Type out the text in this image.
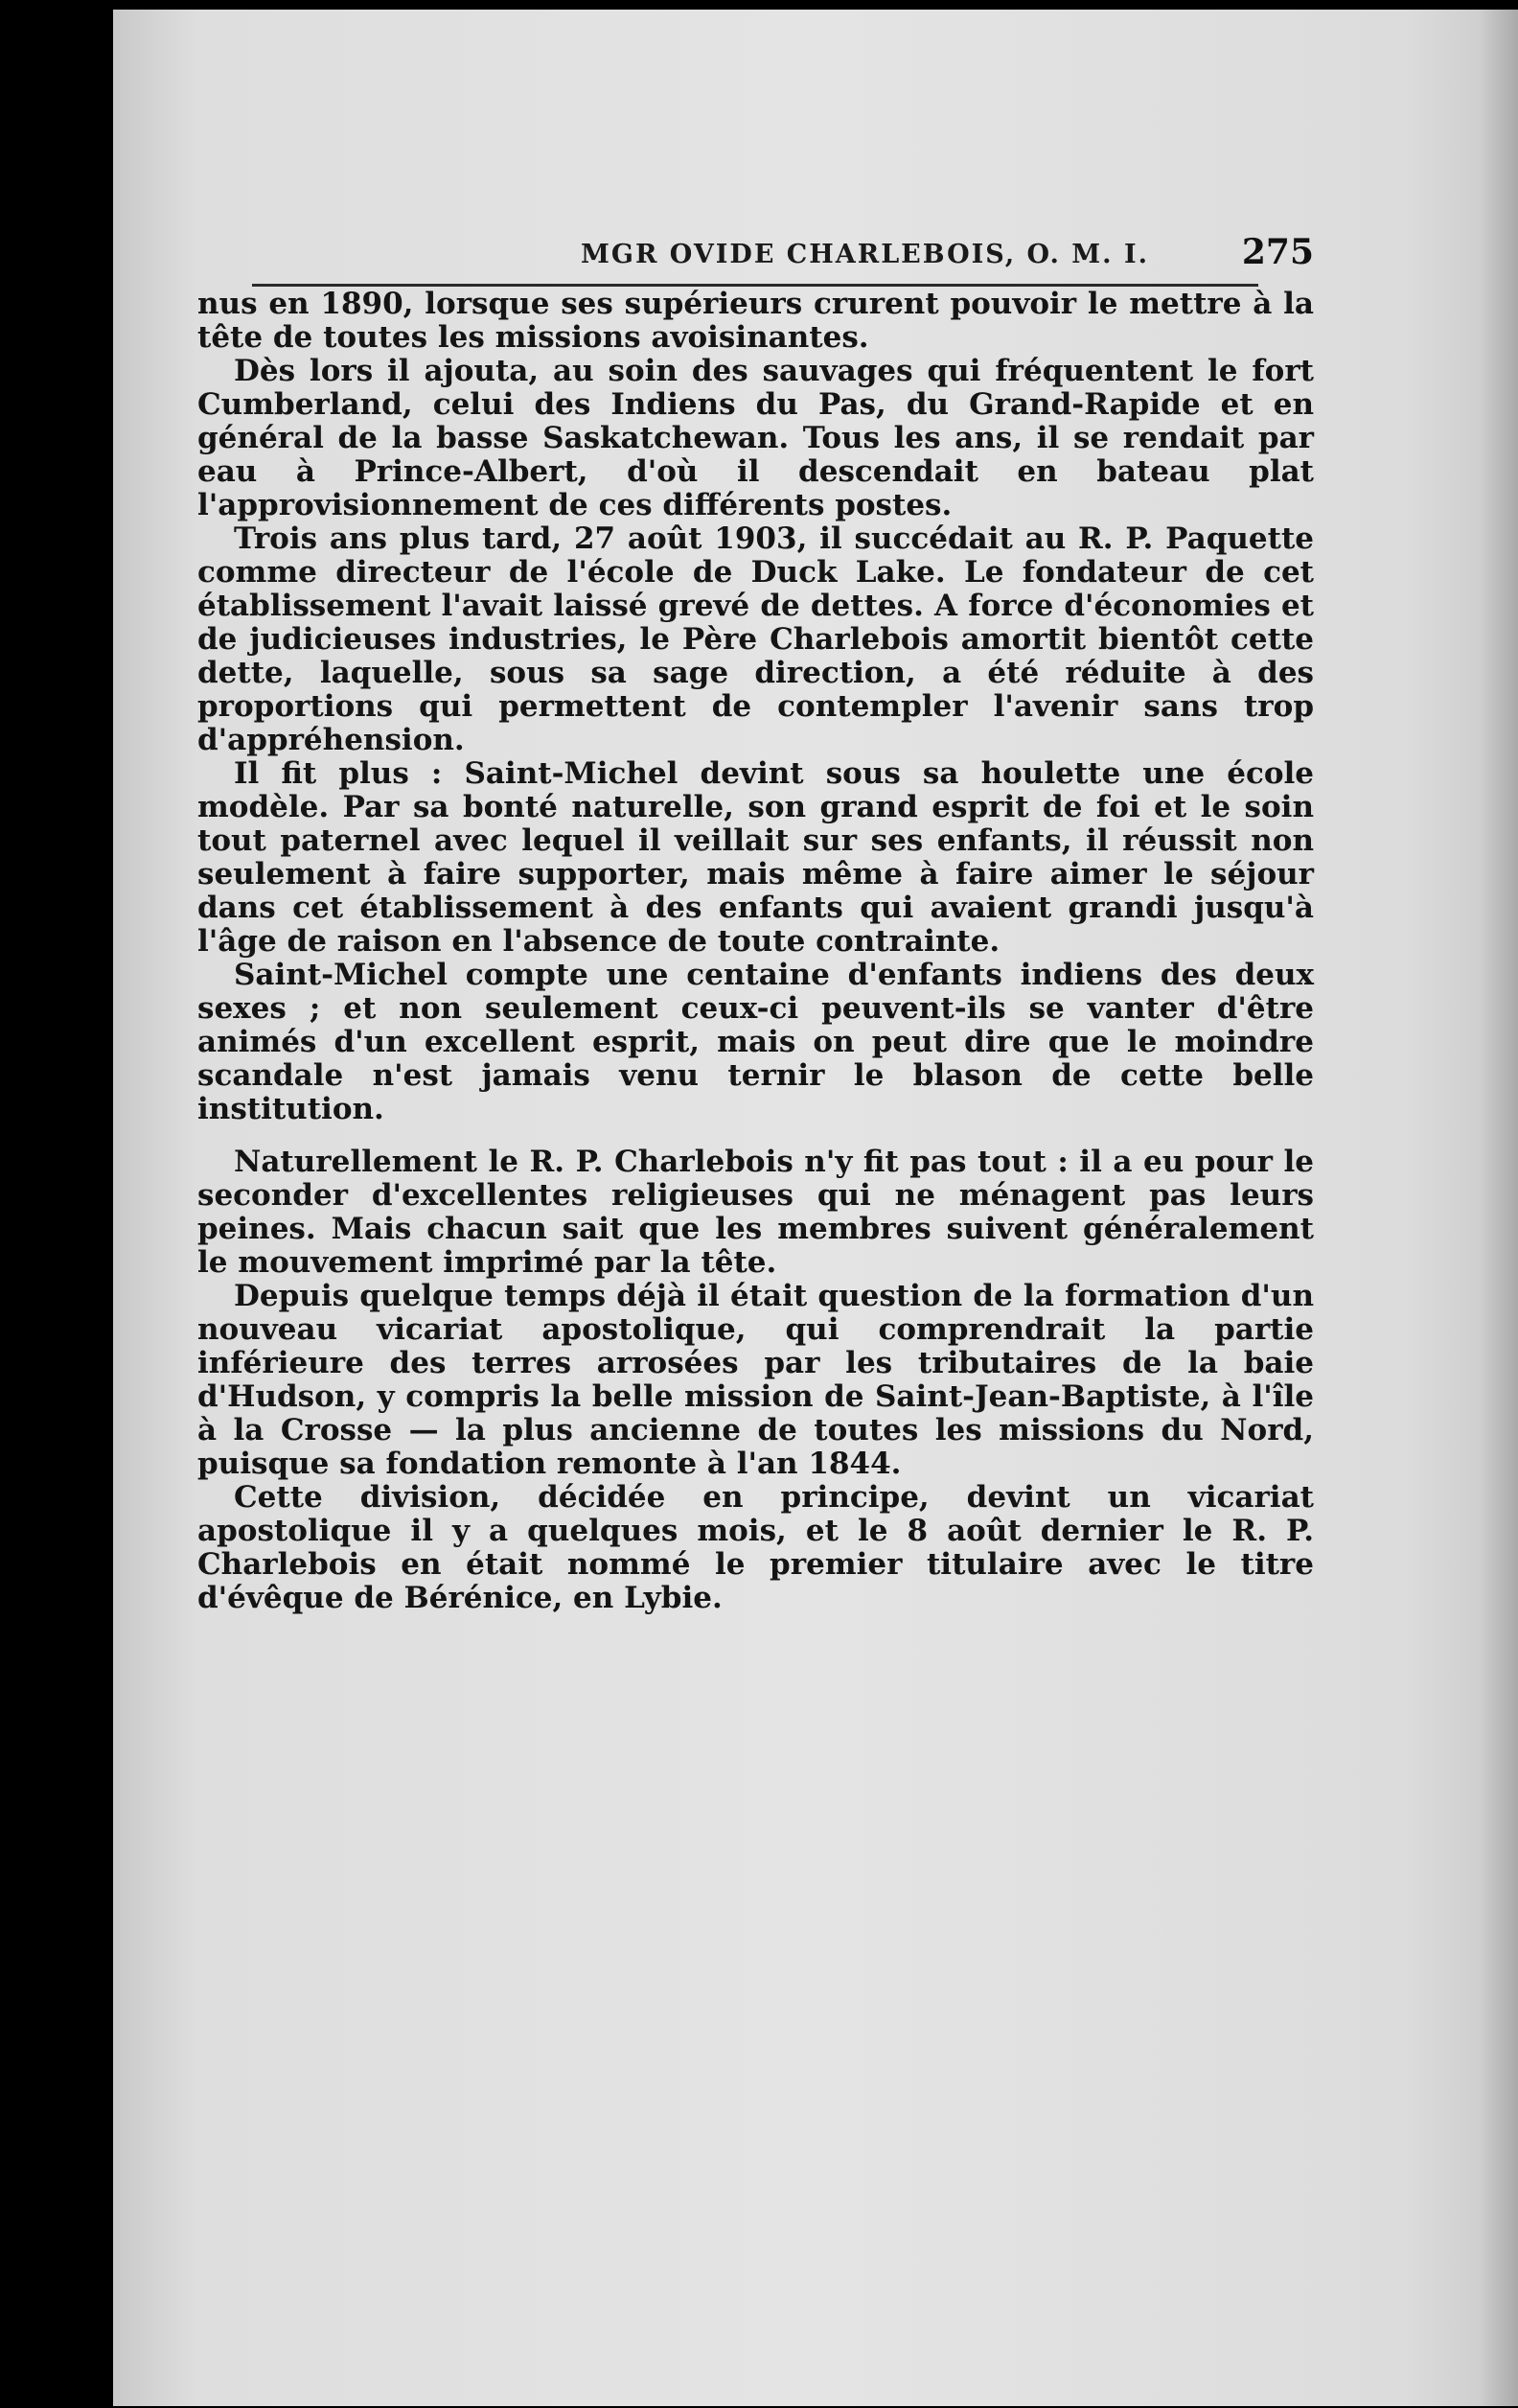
MGR OVIDE CHARLEBOIS, O. M. I.	275

nus en 1890, lorsque ses supérieurs crurent pouvoir le mettre à la tête de toutes les missions avoisinantes.

Dès lors il ajouta, au soin des sauvages qui fréquentent le fort Cumberland, celui des Indiens du Pas, du Grand-Rapide et en général de la basse Saskatchewan. Tous les ans, il se rendait par eau à Prince-Albert, d'où il descendait en bateau plat l'approvisionnement de ces différents postes.

Trois ans plus tard, 27 août 1903, il succédait au R. P. Paquette comme directeur de l'école de Duck Lake. Le fondateur de cet établissement l'avait laissé grevé de dettes. A force d'économies et de judicieuses industries, le Père Charlebois amortit bientôt cette dette, laquelle, sous sa sage direction, a été réduite à des proportions qui permettent de contempler l'avenir sans trop d'appréhension.

Il fit plus : Saint-Michel devint sous sa houlette une école modèle. Par sa bonté naturelle, son grand esprit de foi et le soin tout paternel avec lequel il veillait sur ses enfants, il réussit non seulement à faire supporter, mais même à faire aimer le séjour dans cet établissement à des enfants qui avaient grandi jusqu'à l'âge de raison en l'absence de toute contrainte.

Saint-Michel compte une centaine d'enfants indiens des deux sexes ; et non seulement ceux-ci peuvent-ils se vanter d'être animés d'un excellent esprit, mais on peut dire que le moindre scandale n'est jamais venu ternir le blason de cette belle institution.

Naturellement le R. P. Charlebois n'y fit pas tout : il a eu pour le seconder d'excellentes religieuses qui ne ménagent pas leurs peines. Mais chacun sait que les membres suivent généralement le mouvement imprimé par la tête.

Depuis quelque temps déjà il était question de la formation d'un nouveau vicariat apostolique, qui comprendrait la partie inférieure des terres arrosées par les tributaires de la baie d'Hudson, y compris la belle mission de Saint-Jean-Baptiste, à l'île à la Crosse — la plus ancienne de toutes les missions du Nord, puisque sa fondation remonte à l'an 1844.

Cette division, décidée en principe, devint un vicariat apostolique il y a quelques mois, et le 8 août dernier le R. P. Charlebois en était nommé le premier titulaire avec le titre d'évêque de Bérénice, en Lybie.
